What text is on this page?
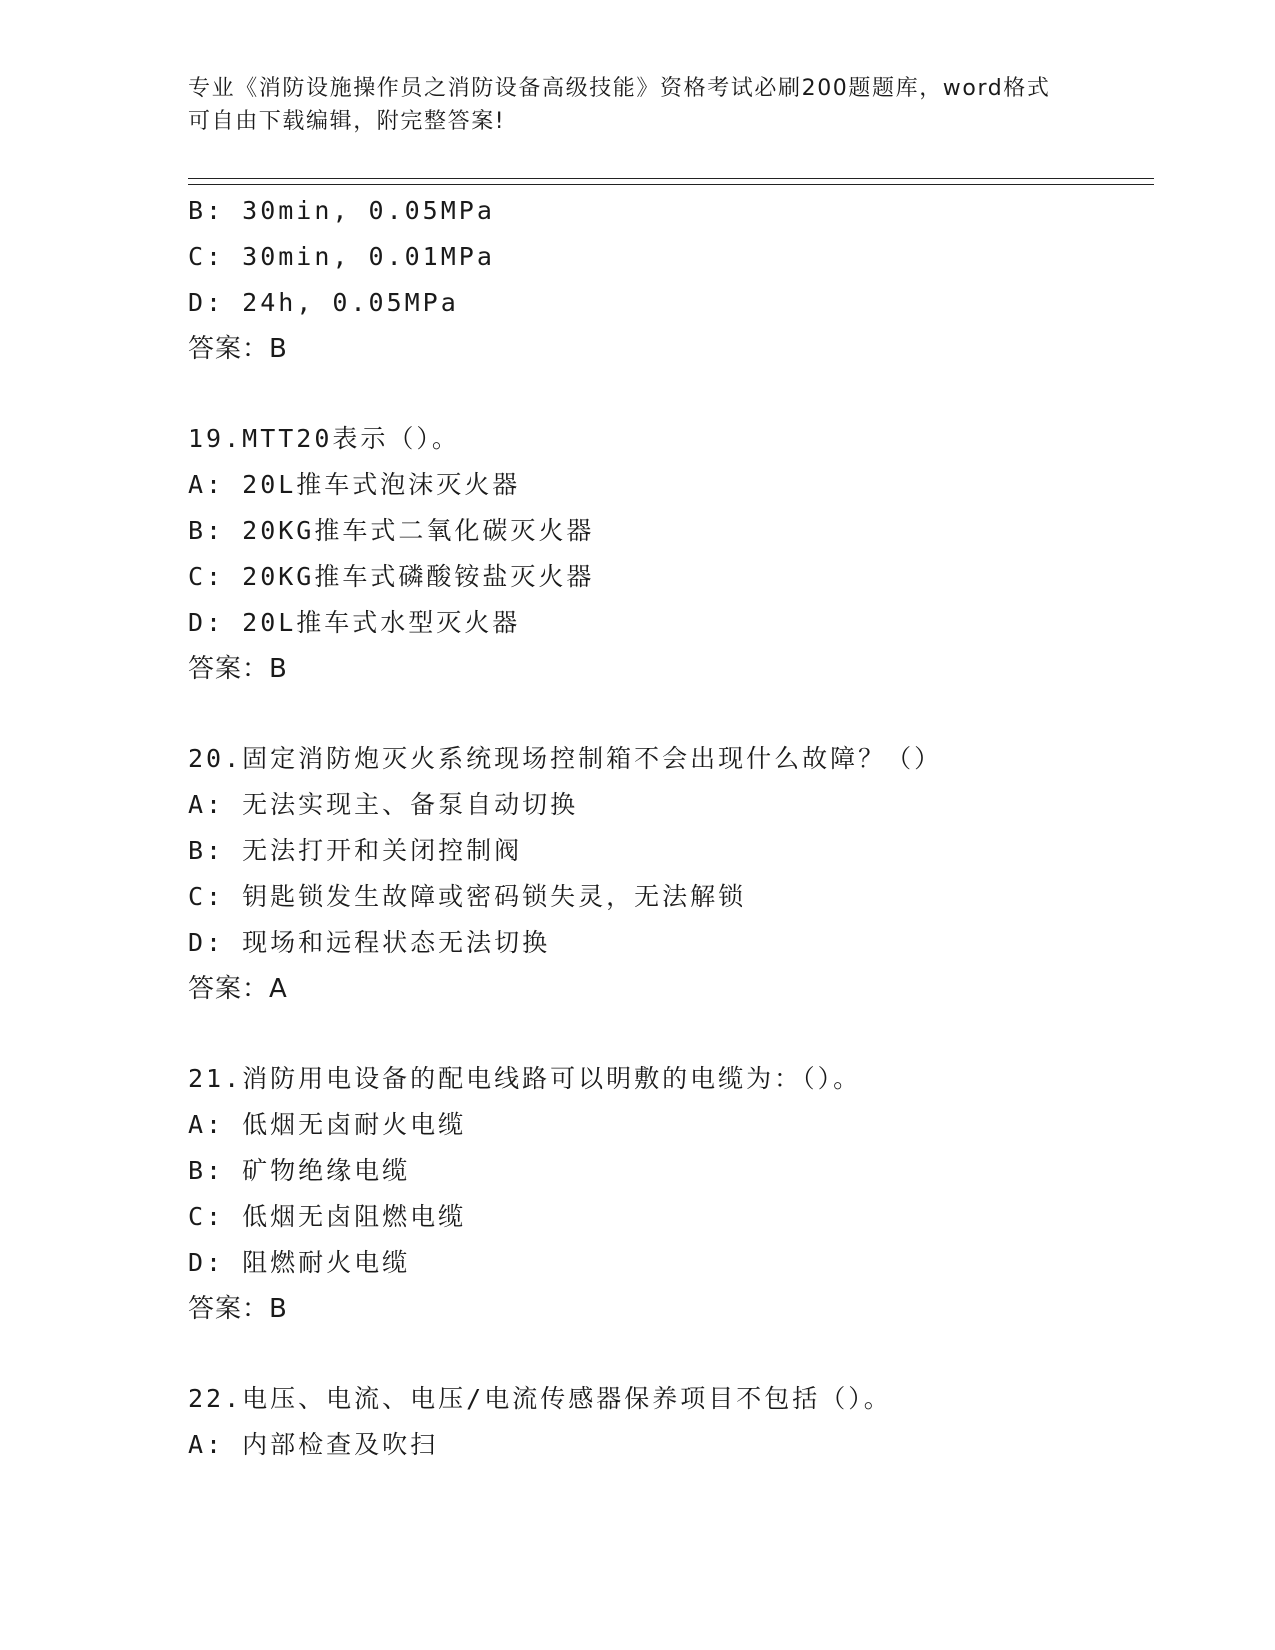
专业《消防设施操作员之消防设备高级技能》资格考试必刷200题题库，word格式可自由下载编辑，附完整答案!
B: 30min, 0.05MPa
C: 30min, 0.01MPa
D: 24h, 0.05MPa
答案：B
19.MTT20表示（）。
A: 20L推车式泡沫灭火器
B: 20KG推车式二氧化碳灭火器
C: 20KG推车式磷酸铵盐灭火器
D: 20L推车式水型灭火器
答案：B
20.固定消防炮灭火系统现场控制箱不会出现什么故障？（）
A: 无法实现主、备泵自动切换
B: 无法打开和关闭控制阀
C: 钥匙锁发生故障或密码锁失灵，无法解锁
D: 现场和远程状态无法切换
答案：A
21.消防用电设备的配电线路可以明敷的电缆为：（）。
A: 低烟无卤耐火电缆
B: 矿物绝缘电缆
C: 低烟无卤阻燃电缆
D: 阻燃耐火电缆
答案：B
22.电压、电流、电压/电流传感器保养项目不包括（）。
A: 内部检查及吹扫
